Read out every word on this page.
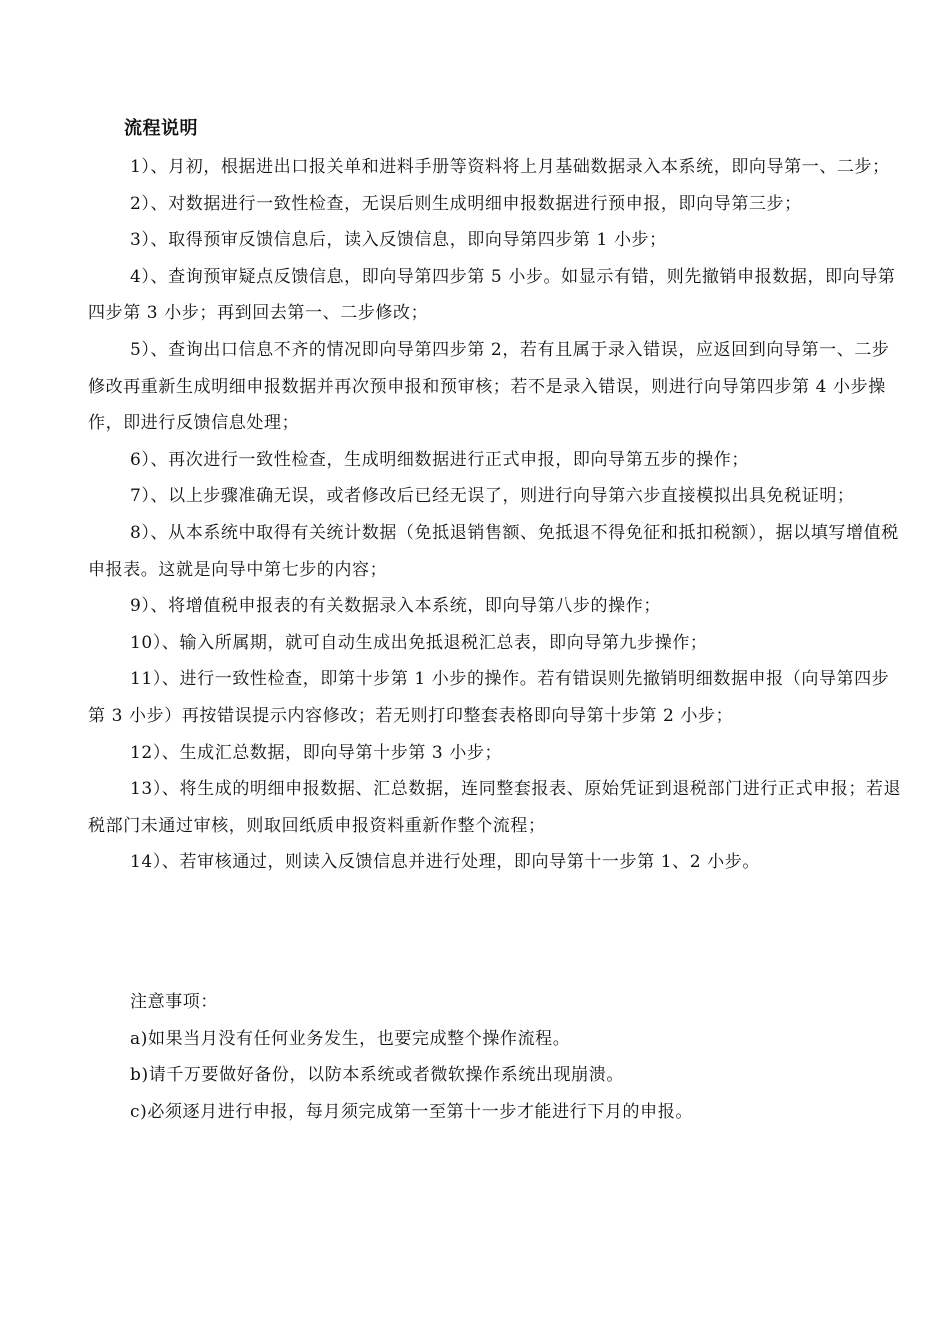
流程说明

1）、月初，根据进出口报关单和进料手册等资料将上月基础数据录入本系统，即向导第一、二步；

2）、对数据进行一致性检查，无误后则生成明细申报数据进行预申报，即向导第三步；

3）、取得预审反馈信息后，读入反馈信息，即向导第四步第 1 小步；

4）、查询预审疑点反馈信息，即向导第四步第 5 小步。如显示有错，则先撤销申报数据，即向导第四步第 3 小步；再到回去第一、二步修改；

5）、查询出口信息不齐的情况即向导第四步第 2，若有且属于录入错误，应返回到向导第一、二步修改再重新生成明细申报数据并再次预申报和预审核；若不是录入错误，则进行向导第四步第 4 小步操作，即进行反馈信息处理；

6）、再次进行一致性检查，生成明细数据进行正式申报，即向导第五步的操作；

7）、以上步骤准确无误，或者修改后已经无误了，则进行向导第六步直接模拟出具免税证明；

8）、从本系统中取得有关统计数据（免抵退销售额、免抵退不得免征和抵扣税额），据以填写增值税申报表。这就是向导中第七步的内容；

9）、将增值税申报表的有关数据录入本系统，即向导第八步的操作；

10）、输入所属期，就可自动生成出免抵退税汇总表，即向导第九步操作；

11）、进行一致性检查，即第十步第 1 小步的操作。若有错误则先撤销明细数据申报（向导第四步第 3 小步）再按错误提示内容修改；若无则打印整套表格即向导第十步第 2 小步；

12）、生成汇总数据，即向导第十步第 3 小步；

13）、将生成的明细申报数据、汇总数据，连同整套报表、原始凭证到退税部门进行正式申报；若退税部门未通过审核，则取回纸质申报资料重新作整个流程；

14）、若审核通过，则读入反馈信息并进行处理，即向导第十一步第 1、2 小步。

注意事项：

a)如果当月没有任何业务发生，也要完成整个操作流程。

b)请千万要做好备份，以防本系统或者微软操作系统出现崩溃。

c)必须逐月进行申报，每月须完成第一至第十一步才能进行下月的申报。
